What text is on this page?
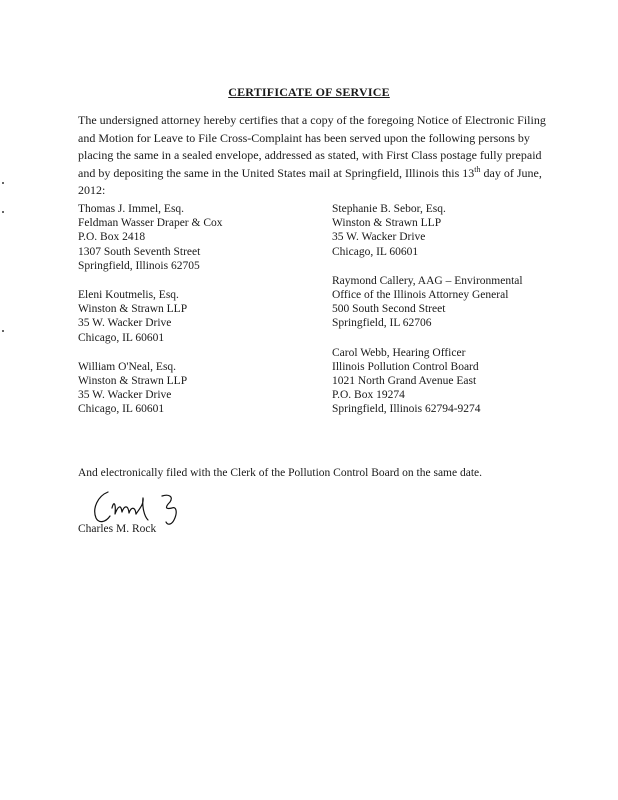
CERTIFICATE OF SERVICE
The undersigned attorney hereby certifies that a copy of the foregoing Notice of Electronic Filing and Motion for Leave to File Cross-Complaint has been served upon the following persons by placing the same in a sealed envelope, addressed as stated, with First Class postage fully prepaid and by depositing the same in the United States mail at Springfield, Illinois this 13th day of June, 2012:
Thomas J. Immel, Esq.
Feldman Wasser Draper & Cox
P.O. Box 2418
1307 South Seventh Street
Springfield, Illinois 62705
Eleni Koutmelis, Esq.
Winston & Strawn LLP
35 W. Wacker Drive
Chicago, IL 60601
William O'Neal, Esq.
Winston & Strawn LLP
35 W. Wacker Drive
Chicago, IL 60601
Stephanie B. Sebor, Esq.
Winston & Strawn LLP
35 W. Wacker Drive
Chicago, IL 60601
Raymond Callery, AAG – Environmental
Office of the Illinois Attorney General
500 South Second Street
Springfield, IL 62706
Carol Webb, Hearing Officer
Illinois Pollution Control Board
1021 North Grand Avenue East
P.O. Box 19274
Springfield, Illinois 62794-9274
And electronically filed with the Clerk of the Pollution Control Board on the same date.
Charles M. Rock
